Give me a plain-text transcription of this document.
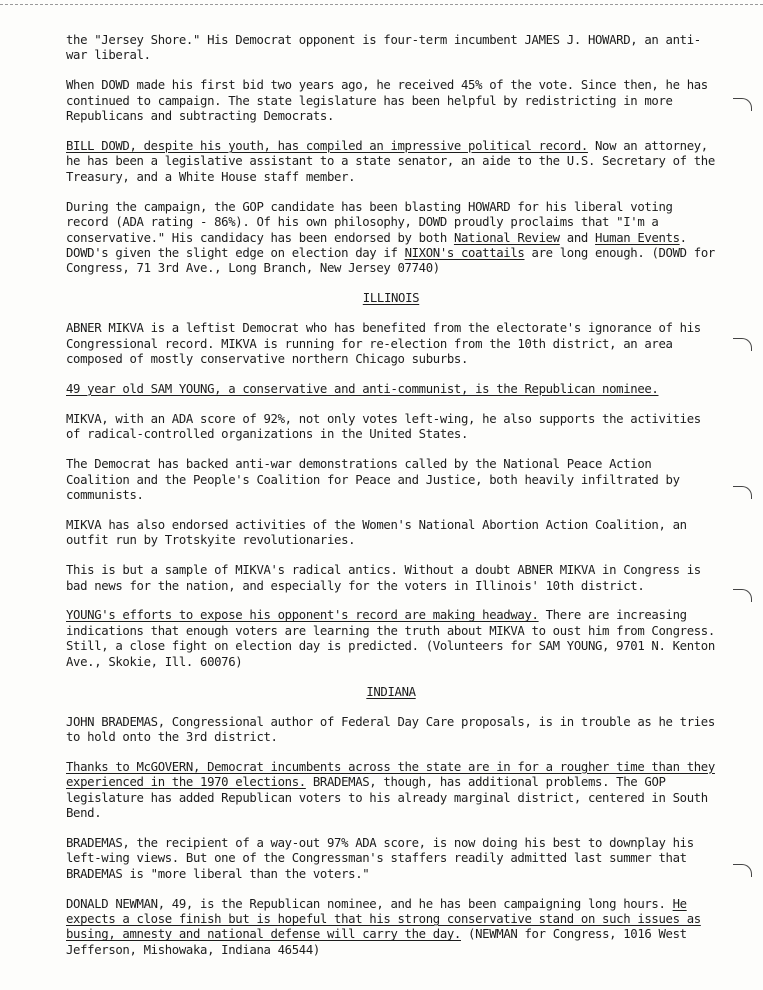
the "Jersey Shore." His Democrat opponent is four-term incumbent JAMES J. HOWARD, an anti-war liberal.

When DOWD made his first bid two years ago, he received 45% of the vote. Since then, he has continued to campaign. The state legislature has been helpful by redistricting in more Republicans and subtracting Democrats.

BILL DOWD, despite his youth, has compiled an impressive political record. Now an attorney, he has been a legislative assistant to a state senator, an aide to the U.S. Secretary of the Treasury, and a White House staff member.

During the campaign, the GOP candidate has been blasting HOWARD for his liberal voting record (ADA rating - 86%). Of his own philosophy, DOWD proudly proclaims that "I'm a conservative." His candidacy has been endorsed by both National Review and Human Events. DOWD's given the slight edge on election day if NIXON's coattails are long enough. (DOWD for Congress, 71 3rd Ave., Long Branch, New Jersey 07740)

ILLINOIS

ABNER MIKVA is a leftist Democrat who has benefited from the electorate's ignorance of his Congressional record. MIKVA is running for re-election from the 10th district, an area composed of mostly conservative northern Chicago suburbs.

49 year old SAM YOUNG, a conservative and anti-communist, is the Republican nominee.

MIKVA, with an ADA score of 92%, not only votes left-wing, he also supports the activities of radical-controlled organizations in the United States.

The Democrat has backed anti-war demonstrations called by the National Peace Action Coalition and the People's Coalition for Peace and Justice, both heavily infiltrated by communists.

MIKVA has also endorsed activities of the Women's National Abortion Action Coalition, an outfit run by Trotskyite revolutionaries.

This is but a sample of MIKVA's radical antics. Without a doubt ABNER MIKVA in Congress is bad news for the nation, and especially for the voters in Illinois' 10th district.

YOUNG's efforts to expose his opponent's record are making headway. There are increasing indications that enough voters are learning the truth about MIKVA to oust him from Congress. Still, a close fight on election day is predicted. (Volunteers for SAM YOUNG, 9701 N. Kenton Ave., Skokie, Ill. 60076)

INDIANA

JOHN BRADEMAS, Congressional author of Federal Day Care proposals, is in trouble as he tries to hold onto the 3rd district.

Thanks to McGOVERN, Democrat incumbents across the state are in for a rougher time than they experienced in the 1970 elections. BRADEMAS, though, has additional problems. The GOP legislature has added Republican voters to his already marginal district, centered in South Bend.

BRADEMAS, the recipient of a way-out 97% ADA score, is now doing his best to downplay his left-wing views. But one of the Congressman's staffers readily admitted last summer that BRADEMAS is "more liberal than the voters."

DONALD NEWMAN, 49, is the Republican nominee, and he has been campaigning long hours. He expects a close finish but is hopeful that his strong conservative stand on such issues as busing, amnesty and national defense will carry the day. (NEWMAN for Congress, 1016 West Jefferson, Mishowaka, Indiana 46544)
